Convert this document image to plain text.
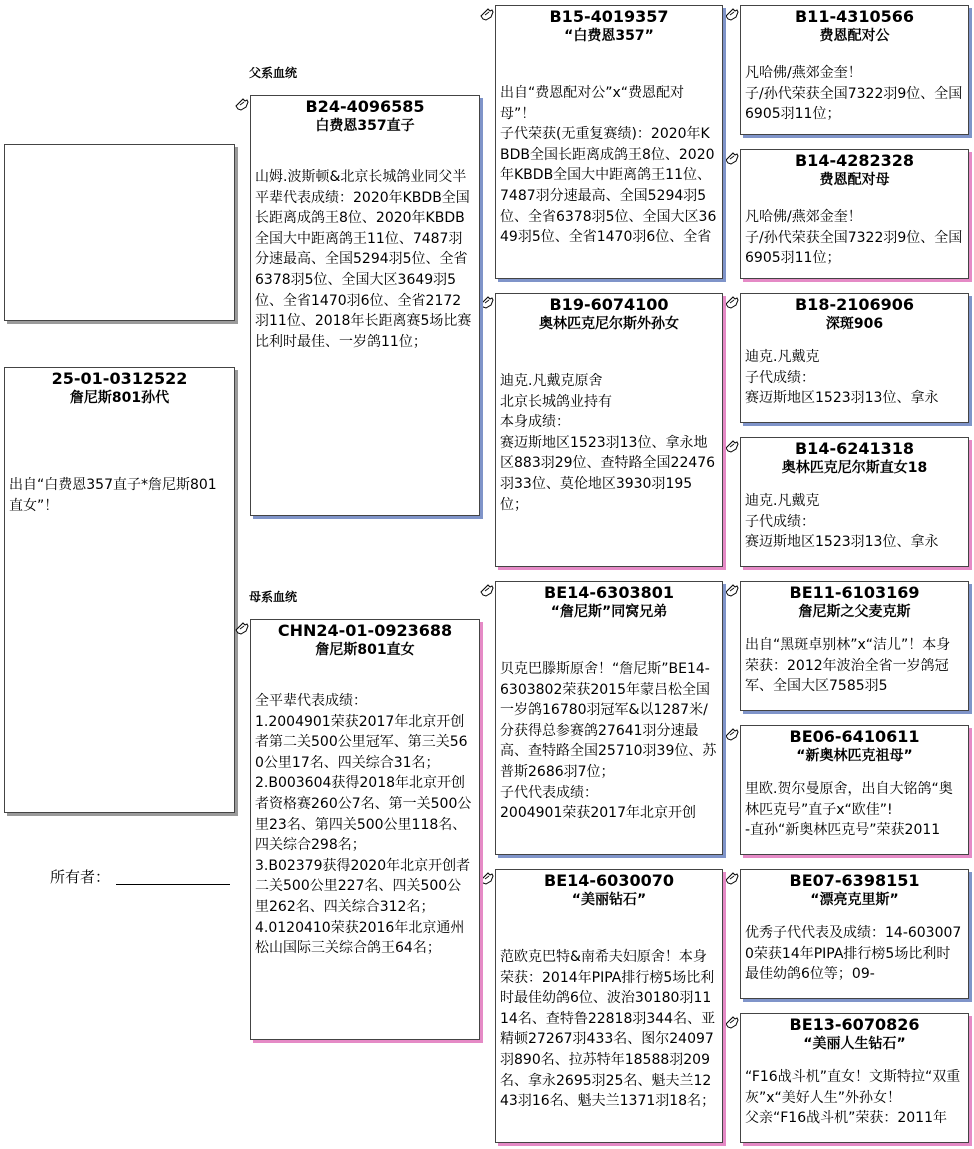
父系血统
母系血统
25-01-0312522
詹尼斯801孙代
出自“白费恩357直子*詹尼斯801直女”！
所有者：
B24-4096585
白费恩357直子
山姆.波斯顿&北京长城鸽业同父半平辈代表成绩：2020年KBDB全国长距离成鸽王8位、2020年KBDB全国大中距离鸽王11位、7487羽分速最高、全国5294羽5位、全省6378羽5位、全国大区3649羽5位、全省1470羽6位、全省2172羽11位、2018年长距离赛5场比赛比利时最佳、一岁鸽11位；
CHN24-01-0923688
詹尼斯801直女
全平辈代表成绩：
1.2004901荣获2017年北京开创者第二关500公里冠军、第三关560公里17名、四关综合31名；
2.B003604获得2018年北京开创者资格赛260公7名、第一关500公里23名、第四关500公里118名、四关综合298名；
3.B02379获得2020年北京开创者二关500公里227名、四关500公里262名、四关综合312名；
4.0120410荣获2016年北京通州松山国际三关综合鸽王64名；
B15-4019357
“白费恩357”
出自“费恩配对公”x“费恩配对母”！
子代荣获(无重复赛绩)：2020年KBDB全国长距离成鸽王8位、2020年KBDB全国大中距离鸽王11位、7487羽分速最高、全国5294羽5位、全省6378羽5位、全国大区3649羽5位、全省1470羽6位、全省
B19-6074100
奥林匹克尼尔斯外孙女
迪克.凡戴克原舍
北京长城鸽业持有
本身成绩：
赛迈斯地区1523羽13位、拿永地区883羽29位、查特路全国22476羽33位、莫伦地区3930羽195位；
BE14-6303801
“詹尼斯”同窝兄弟
贝克巴滕斯原舍！“詹尼斯”BE14-6303802荣获2015年蒙吕松全国一岁鸽16780羽冠军&以1287米/分获得总参赛鸽27641羽分速最高、查特路全国25710羽39位、苏普斯2686羽7位；
子代代表成绩：
2004901荣获2017年北京开创
BE14-6030070
“美丽钻石”
范欧克巴特&南希夫妇原舍！本身荣获：2014年PIPA排行榜5场比利时最佳幼鸽6位、波治30180羽1114名、查特鲁22818羽344名、亚精顿27267羽433名、图尔24097羽890名、拉苏特年18588羽209名、拿永2695羽25名、魁夫兰1243羽16名、魁夫兰1371羽18名；
B11-4310566
费恩配对公
凡哈佛/燕郊金奎！
子/孙代荣获全国7322羽9位、全国6905羽11位；
B14-4282328
费恩配对母
凡哈佛/燕郊金奎！
子/孙代荣获全国7322羽9位、全国6905羽11位；
B18-2106906
深斑906
迪克.凡戴克
子代成绩：
赛迈斯地区1523羽13位、拿永
B14-6241318
奥林匹克尼尔斯直女18
迪克.凡戴克
子代成绩：
赛迈斯地区1523羽13位、拿永
BE11-6103169
詹尼斯之父麦克斯
出自“黑斑卓别林”x“洁儿”！本身荣获：2012年波治全省一岁鸽冠军、全国大区7585羽5
BE06-6410611
“新奥林匹克祖母”
里欧.贺尔曼原舍，出自大铭鸽“奥林匹克号”直子x“欧佳”!
-直孙“新奥林匹克号”荣获2011
BE07-6398151
“漂亮克里斯”
优秀子代代表及成绩：14-6030070荣获14年PIPA排行榜5场比利时最佳幼鸽6位等；09-
BE13-6070826
“美丽人生钻石”
“F16战斗机”直女！文斯特拉“双重灰”x“美好人生”外孙女！
父亲“F16战斗机”荣获：2011年
